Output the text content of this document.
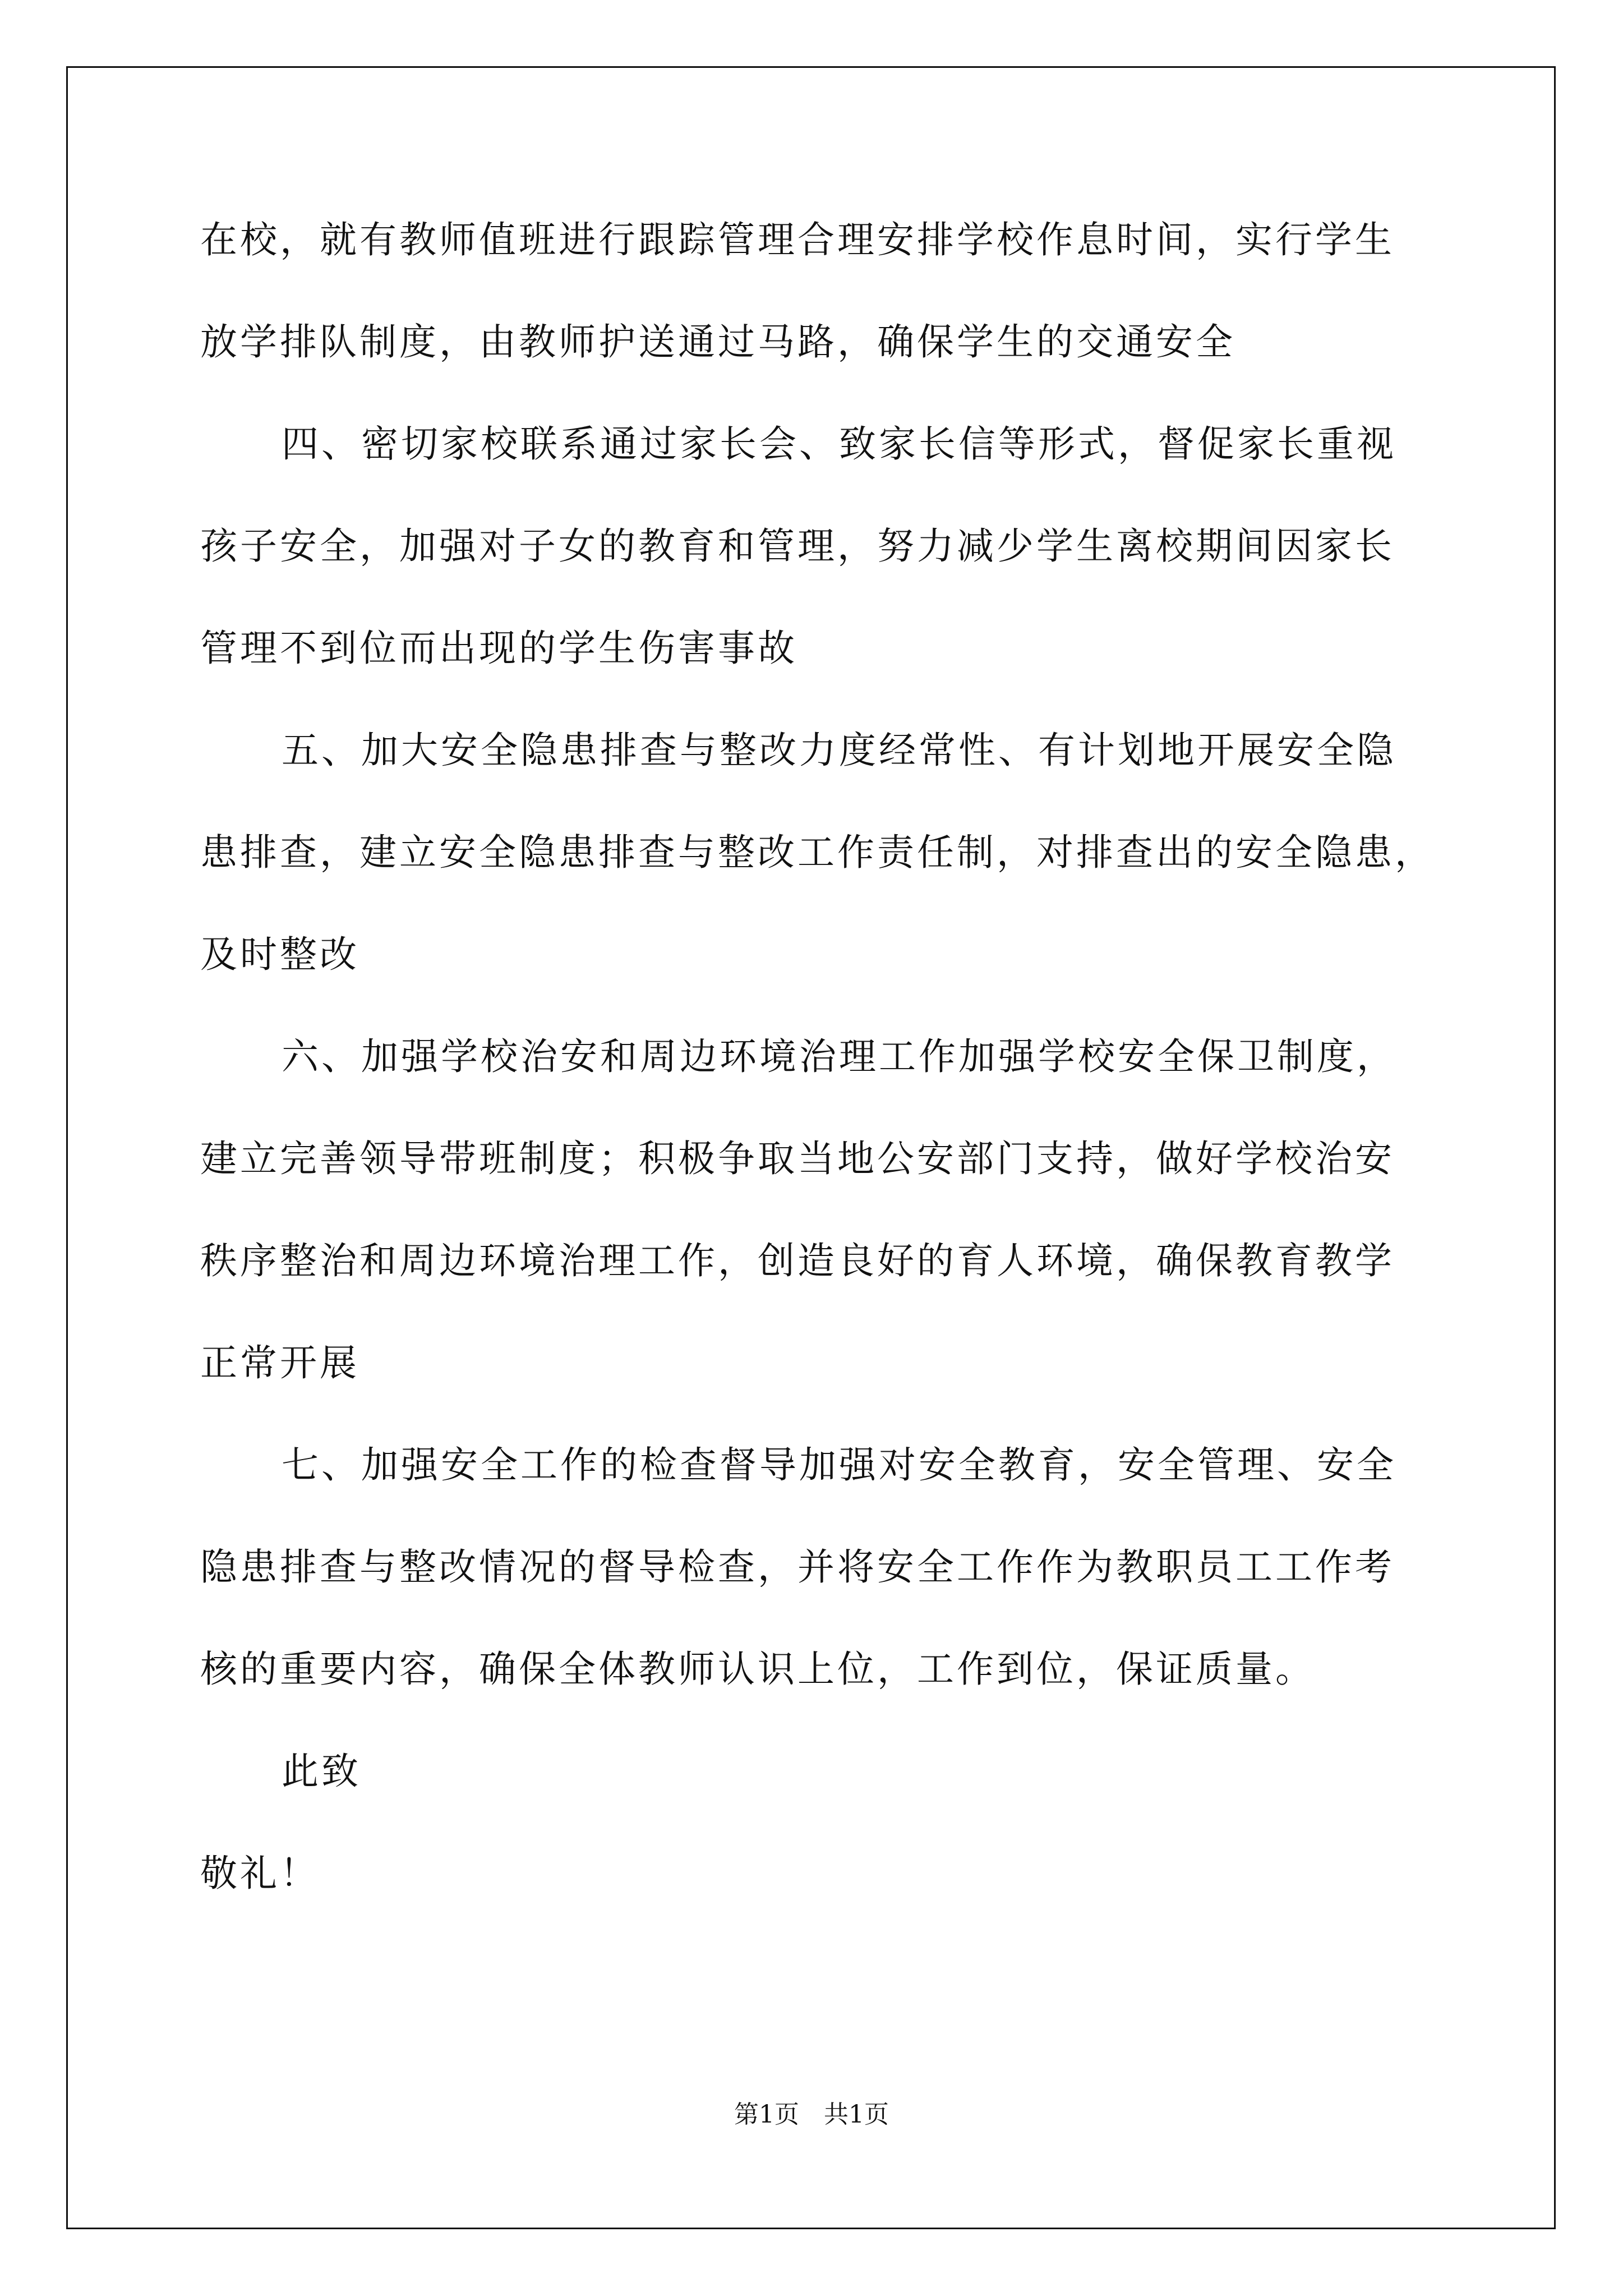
在校，就有教师值班进行跟踪管理合理安排学校作息时间，实行学生
放学排队制度，由教师护送通过马路，确保学生的交通安全
四、密切家校联系通过家长会、致家长信等形式，督促家长重视
孩子安全，加强对子女的教育和管理，努力减少学生离校期间因家长
管理不到位而出现的学生伤害事故
五、加大安全隐患排查与整改力度经常性、有计划地开展安全隐
患排查，建立安全隐患排查与整改工作责任制，对排查出的安全隐患，
及时整改
六、加强学校治安和周边环境治理工作加强学校安全保卫制度，
建立完善领导带班制度；积极争取当地公安部门支持，做好学校治安
秩序整治和周边环境治理工作，创造良好的育人环境，确保教育教学
正常开展
七、加强安全工作的检查督导加强对安全教育，安全管理、安全
隐患排查与整改情况的督导检查，并将安全工作作为教职员工工作考
核的重要内容，确保全体教师认识上位，工作到位，保证质量。
此致
敬礼！
第1页　共1页
